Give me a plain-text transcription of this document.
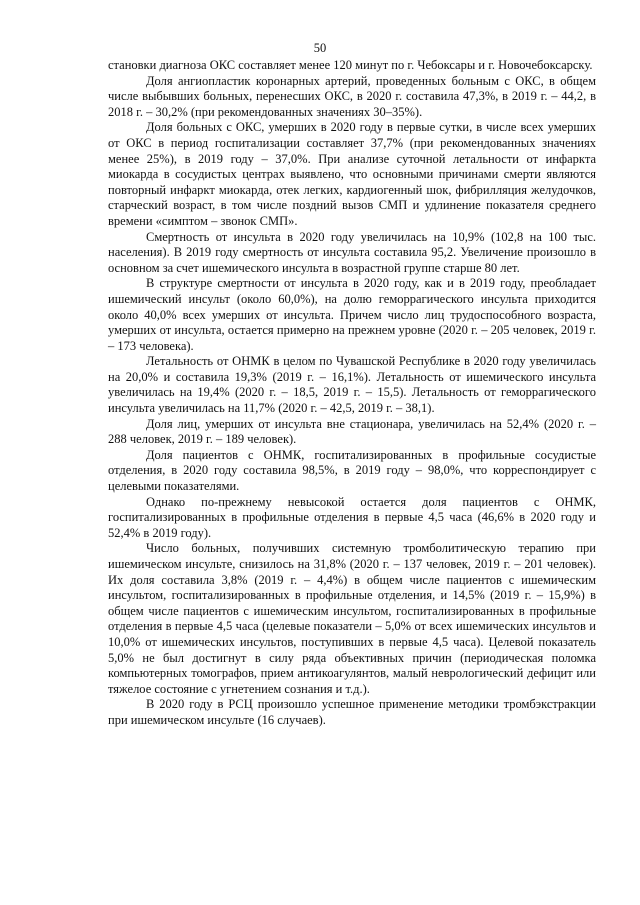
50

становки диагноза ОКС составляет менее 120 минут по г. Чебоксары и г. Новочебоксарску.

Доля ангиопластик коронарных артерий, проведенных больным с ОКС, в общем числе выбывших больных, перенесших ОКС, в 2020 г. составила 47,3%, в 2019 г. – 44,2, в 2018 г. – 30,2% (при рекомендованных значениях 30–35%).

Доля больных с ОКС, умерших в 2020 году в первые сутки, в числе всех умерших от ОКС в период госпитализации составляет 37,7% (при рекомендованных значениях менее 25%), в 2019 году – 37,0%. При анализе суточной летальности от инфаркта миокарда в сосудистых центрах выявлено, что основными причинами смерти являются повторный инфаркт миокарда, отек легких, кардиогенный шок, фибрилляция желудочков, старческий возраст, в том числе поздний вызов СМП и удлинение показателя среднего времени «симптом – звонок СМП».

Смертность от инсульта в 2020 году увеличилась на 10,9% (102,8 на 100 тыс. населения). В 2019 году смертность от инсульта составила 95,2. Увеличение произошло в основном за счет ишемического инсульта в возрастной группе старше 80 лет.

В структуре смертности от инсульта в 2020 году, как и в 2019 году, преобладает ишемический инсульт (около 60,0%), на долю геморрагического инсульта приходится около 40,0% всех умерших от инсульта. Причем число лиц трудоспособного возраста, умерших от инсульта, остается примерно на прежнем уровне (2020 г. – 205 человек, 2019 г. – 173 человека).

Летальность от ОНМК в целом по Чувашской Республике в 2020 году увеличилась на 20,0% и составила 19,3% (2019 г. – 16,1%). Летальность от ишемического инсульта увеличилась на 19,4% (2020 г. – 18,5, 2019 г. – 15,5). Летальность от геморрагического инсульта увеличилась на 11,7% (2020 г. – 42,5, 2019 г. – 38,1).

Доля лиц, умерших от инсульта вне стационара, увеличилась на 52,4% (2020 г. – 288 человек, 2019 г. – 189 человек).

Доля пациентов с ОНМК, госпитализированных в профильные сосудистые отделения, в 2020 году составила 98,5%, в 2019 году – 98,0%, что корреспондирует с целевыми показателями.

Однако по-прежнему невысокой остается доля пациентов с ОНМК, госпитализированных в профильные отделения в первые 4,5 часа (46,6% в 2020 году и 52,4% в 2019 году).

Число больных, получивших системную тромболитическую терапию при ишемическом инсульте, снизилось на 31,8% (2020 г. – 137 человек, 2019 г. – 201 человек). Их доля составила 3,8% (2019 г. – 4,4%) в общем числе пациентов с ишемическим инсультом, госпитализированных в профильные отделения, и 14,5% (2019 г. – 15,9%) в общем числе пациентов с ишемическим инсультом, госпитализированных в профильные отделения в первые 4,5 часа (целевые показатели – 5,0% от всех ишемических инсультов и 10,0% от ишемических инсультов, поступивших в первые 4,5 часа). Целевой показатель 5,0% не был достигнут в силу ряда объективных причин (периодическая поломка компьютерных томографов, прием антикоагулянтов, малый неврологический дефицит или тяжелое состояние с угнетением сознания и т.д.).

В 2020 году в РСЦ произошло успешное применение методики тромбэкстракции при ишемическом инсульте (16 случаев).
